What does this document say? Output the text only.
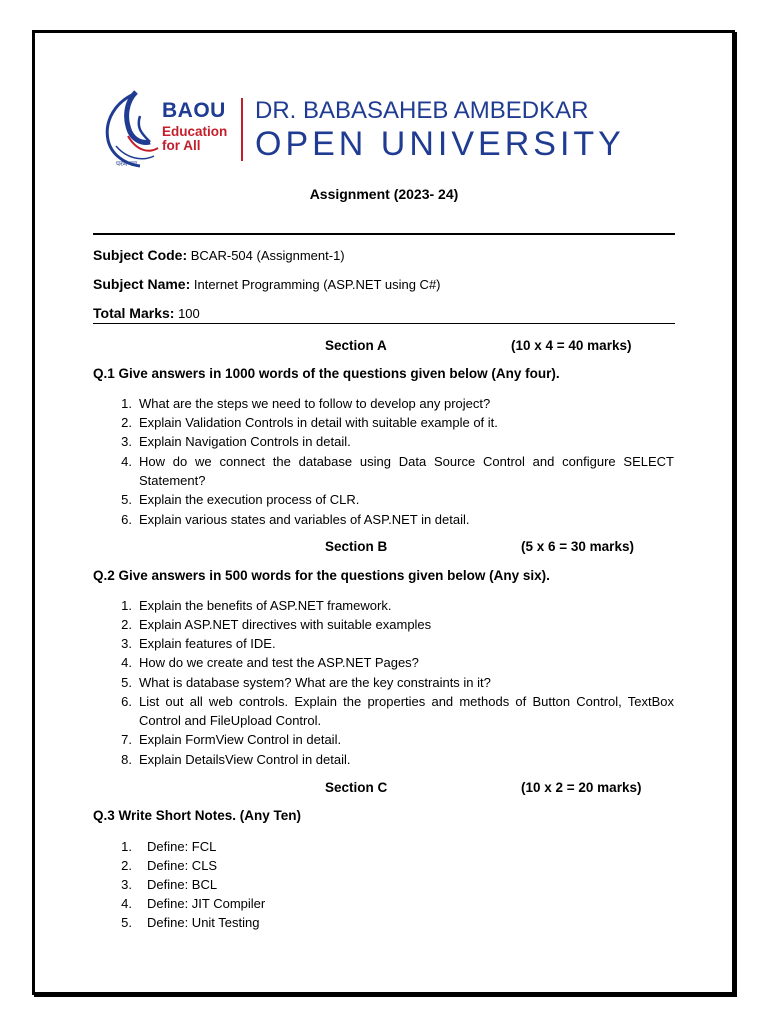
परम नम
BAOU
Education
for All
DR. BABASAHEB AMBEDKAR
OPEN UNIVERSITY
Assignment (2023- 24)
Subject Code: BCAR-504 (Assignment-1)
Subject Name: Internet Programming (ASP.NET using C#)
Total Marks: 100
Section A	(10 x 4 = 40 marks)
Q.1 Give answers in 1000 words of the questions given below (Any four).
1. What are the steps we need to follow to develop any project?
2. Explain Validation Controls in detail with suitable example of it.
3. Explain Navigation Controls in detail.
4. How do we connect the database using Data Source Control and configure SELECT Statement?
5. Explain the execution process of CLR.
6. Explain various states and variables of ASP.NET in detail.
Section B	(5 x 6 = 30 marks)
Q.2 Give answers in 500 words for the questions given below (Any six).
1. Explain the benefits of ASP.NET framework.
2. Explain ASP.NET directives with suitable examples
3. Explain features of IDE.
4. How do we create and test the ASP.NET Pages?
5. What is database system? What are the key constraints in it?
6. List out all web controls. Explain the properties and methods of Button Control, TextBox Control and FileUpload Control.
7. Explain FormView Control in detail.
8. Explain DetailsView Control in detail.
Section C	(10 x 2 = 20 marks)
Q.3 Write Short Notes. (Any Ten)
1. Define: FCL
2. Define: CLS
3. Define: BCL
4. Define: JIT Compiler
5. Define: Unit Testing
